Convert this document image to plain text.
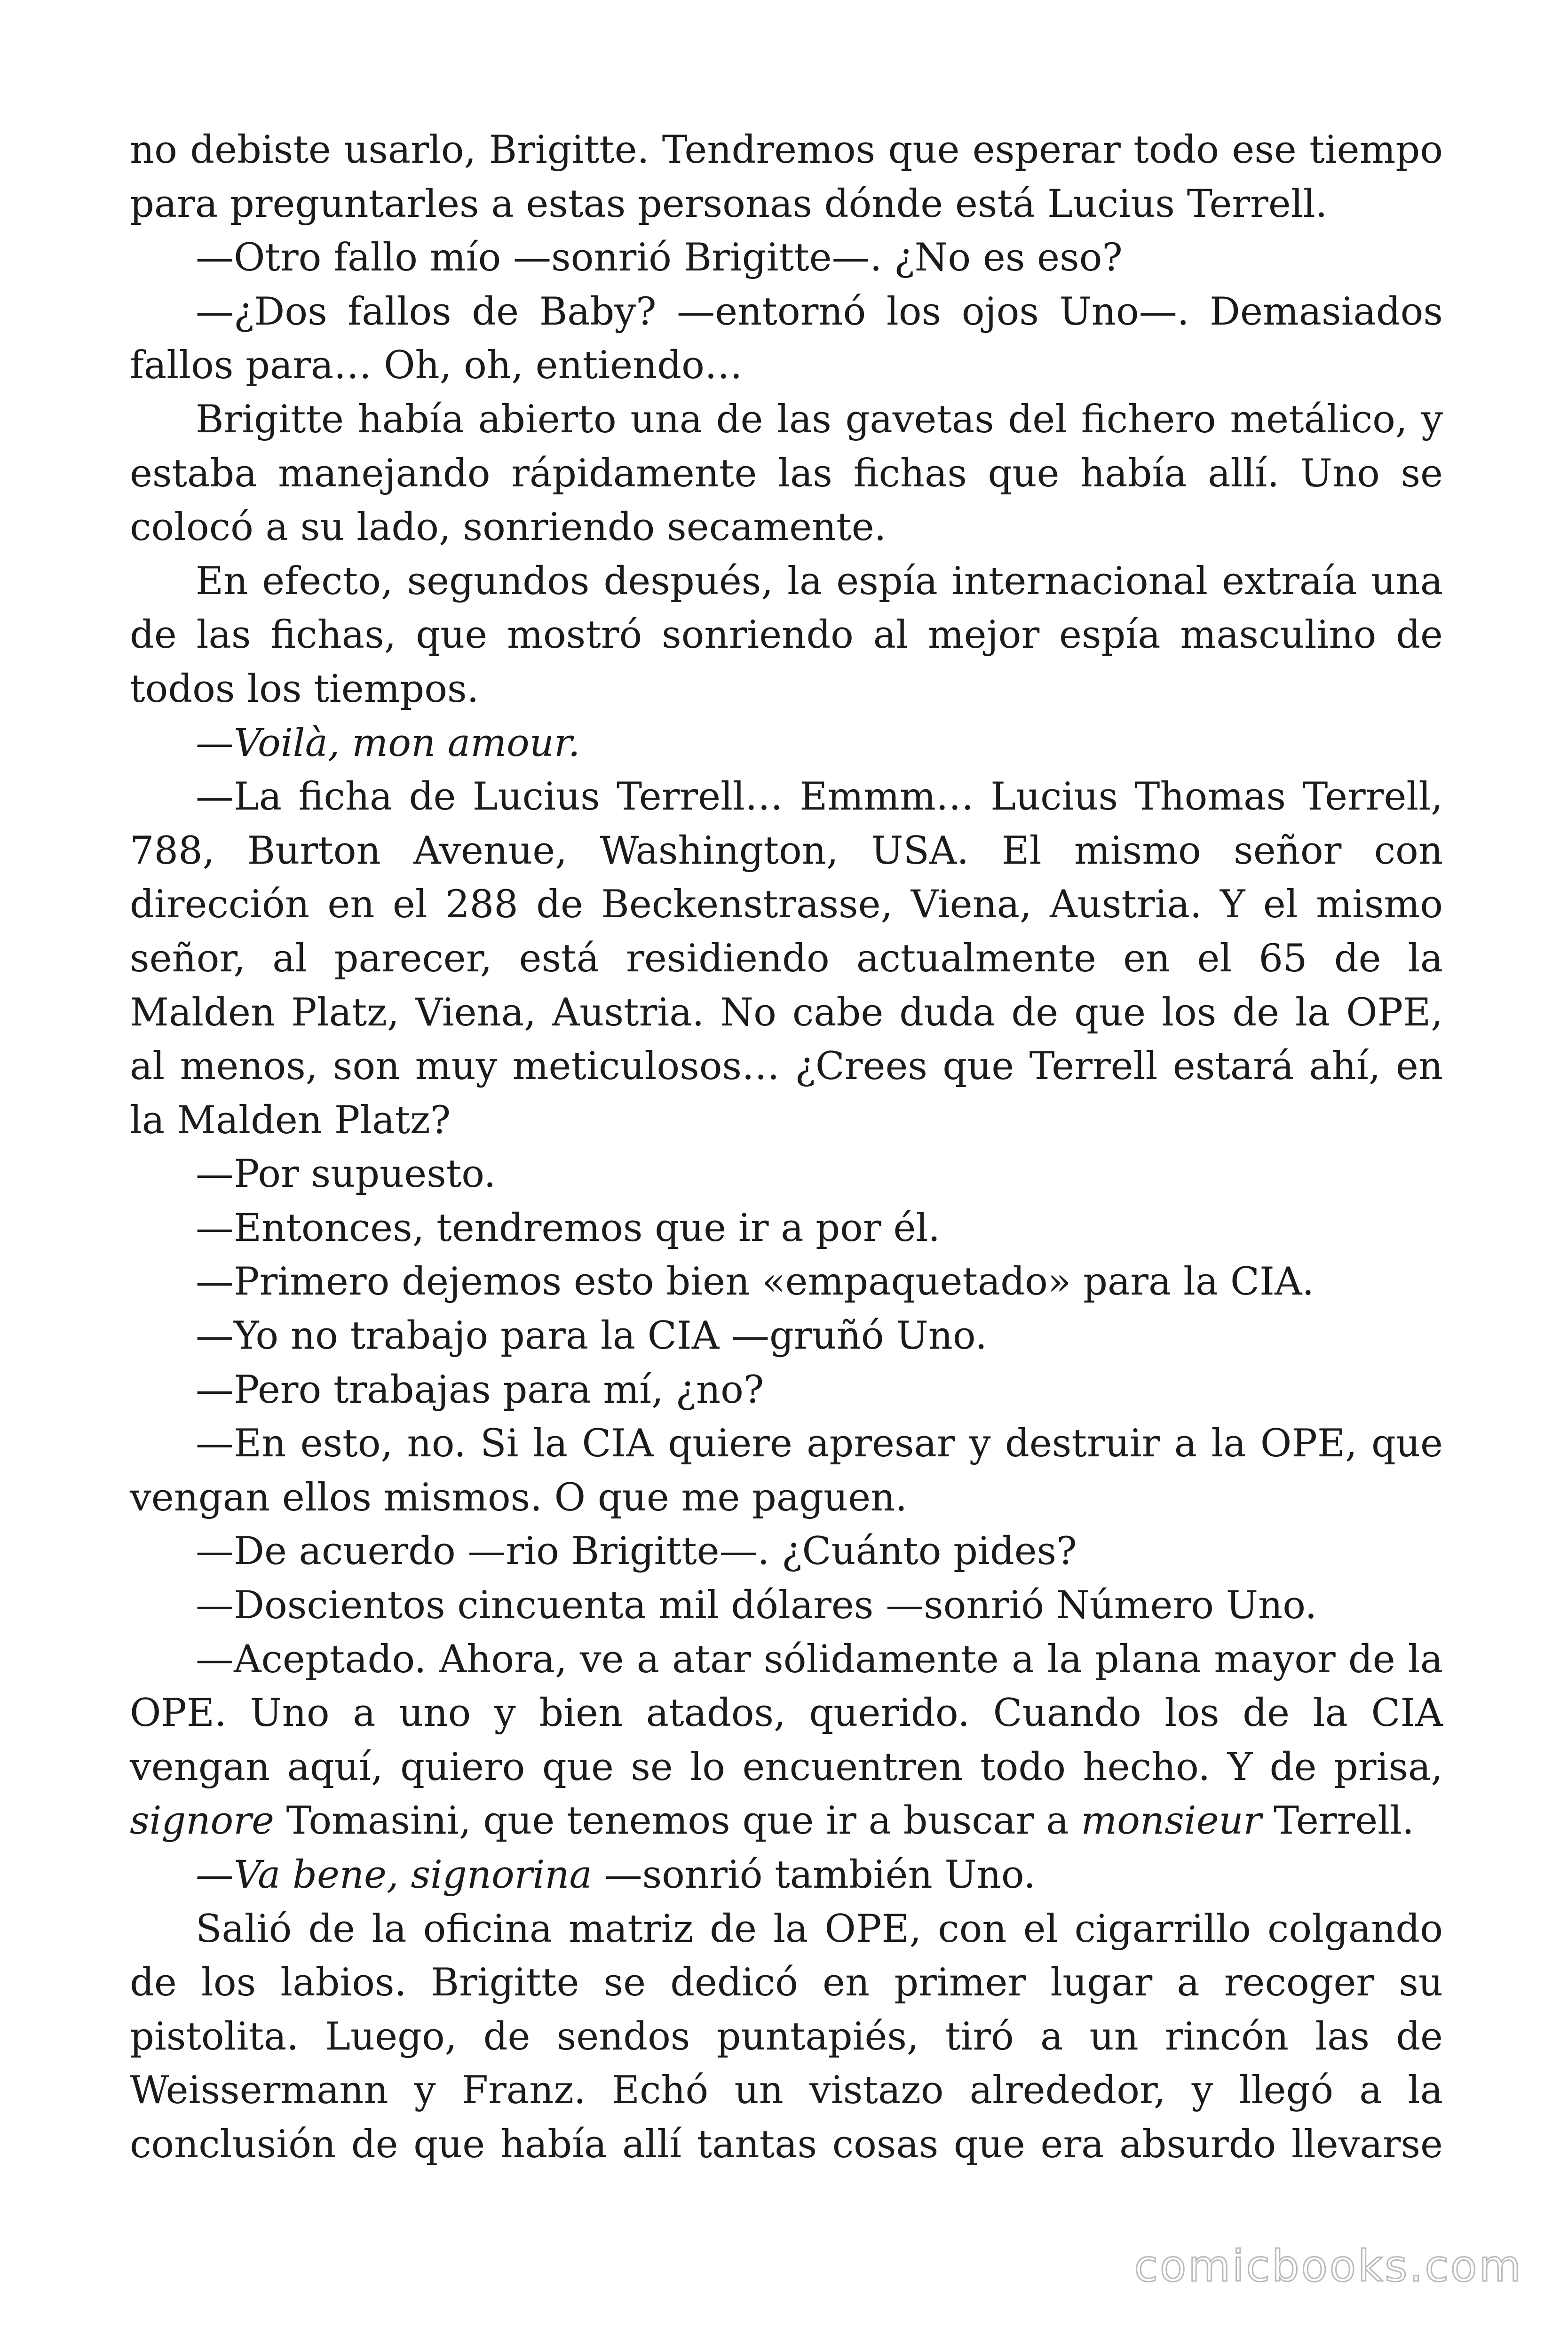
no debiste usarlo, Brigitte. Tendremos que esperar todo ese tiempo para preguntarles a estas personas dónde está Lucius Terrell.

—Otro fallo mío —sonrió Brigitte—. ¿No es eso?

—¿Dos fallos de Baby? —entornó los ojos Uno—. Demasiados fallos para… Oh, oh, entiendo…

Brigitte había abierto una de las gavetas del fichero metálico, y estaba manejando rápidamente las fichas que había allí. Uno se colocó a su lado, sonriendo secamente.

En efecto, segundos después, la espía internacional extraía una de las fichas, que mostró sonriendo al mejor espía masculino de todos los tiempos.

—Voilà, mon amour.

—La ficha de Lucius Terrell… Emmm… Lucius Thomas Terrell, 788, Burton Avenue, Washington, USA. El mismo señor con dirección en el 288 de Beckenstrasse, Viena, Austria. Y el mismo señor, al parecer, está residiendo actualmente en el 65 de la Malden Platz, Viena, Austria. No cabe duda de que los de la OPE, al menos, son muy meticulosos… ¿Crees que Terrell estará ahí, en la Malden Platz?

—Por supuesto.

—Entonces, tendremos que ir a por él.

—Primero dejemos esto bien «empaquetado» para la CIA.

—Yo no trabajo para la CIA —gruñó Uno.

—Pero trabajas para mí, ¿no?

—En esto, no. Si la CIA quiere apresar y destruir a la OPE, que vengan ellos mismos. O que me paguen.

—De acuerdo —rio Brigitte—. ¿Cuánto pides?

—Doscientos cincuenta mil dólares —sonrió Número Uno.

—Aceptado. Ahora, ve a atar sólidamente a la plana mayor de la OPE. Uno a uno y bien atados, querido. Cuando los de la CIA vengan aquí, quiero que se lo encuentren todo hecho. Y de prisa, signore Tomasini, que tenemos que ir a buscar a monsieur Terrell.

—Va bene, signorina —sonrió también Uno.

Salió de la oficina matriz de la OPE, con el cigarrillo colgando de los labios. Brigitte se dedicó en primer lugar a recoger su pistolita. Luego, de sendos puntapiés, tiró a un rincón las de Weissermann y Franz. Echó un vistazo alrededor, y llegó a la conclusión de que había allí tantas cosas que era absurdo llevarse

comicbooks.com
